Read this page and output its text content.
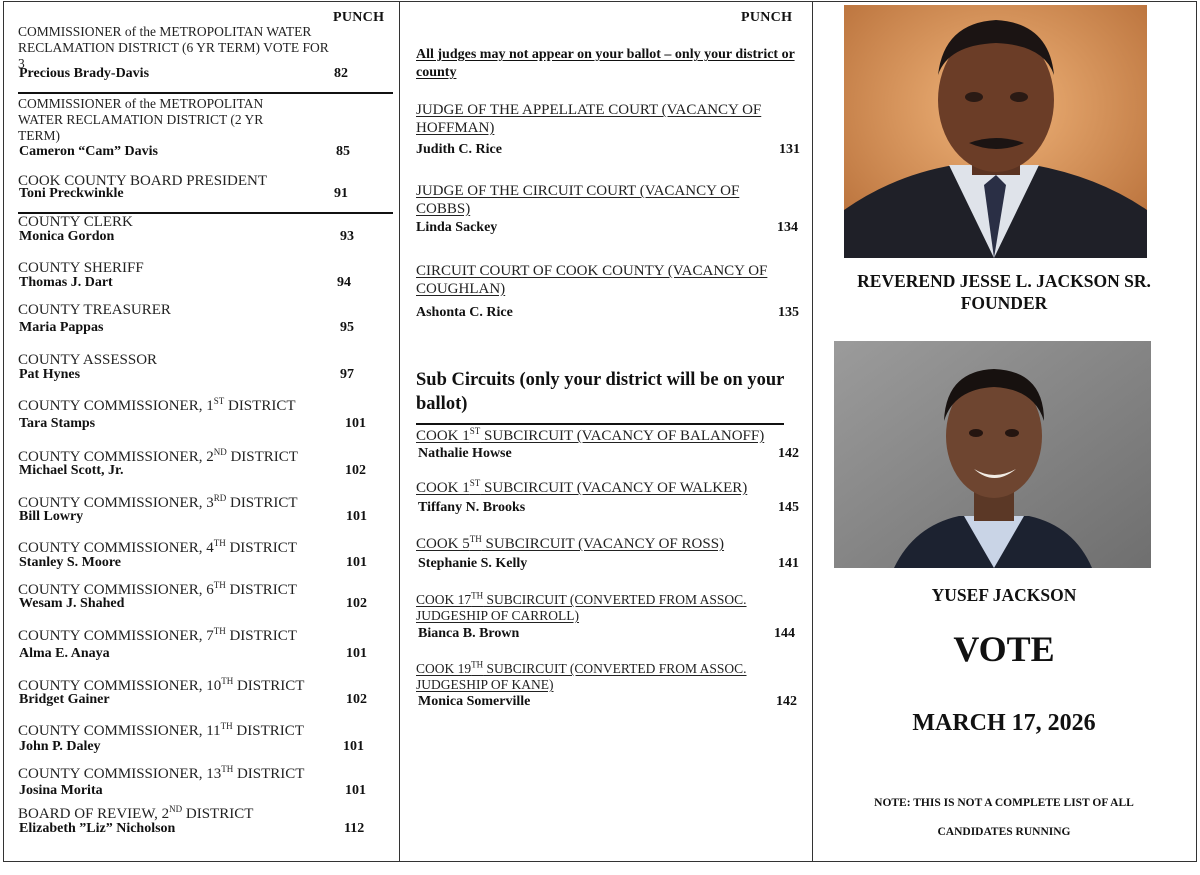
PUNCH
COMMISSIONER of the METROPOLITAN WATER RECLAMATION DISTRICT (6 YR TERM) VOTE FOR 3
Precious Brady-Davis	82
COMMISSIONER of the METROPOLITAN WATER RECLAMATION DISTRICT (2 YR TERM)
Cameron “Cam” Davis	85
COOK COUNTY BOARD PRESIDENT
Toni Preckwinkle	91
COUNTY CLERK
Monica Gordon	93
COUNTY SHERIFF
Thomas J. Dart	94
COUNTY TREASURER
Maria Pappas	95
COUNTY ASSESSOR
Pat Hynes	97
COUNTY COMMISSIONER, 1ST DISTRICT
Tara Stamps	101
COUNTY COMMISSIONER, 2ND DISTRICT
Michael Scott, Jr.	102
COUNTY COMMISSIONER, 3RD DISTRICT
Bill Lowry	101
COUNTY COMMISSIONER, 4TH DISTRICT
Stanley S. Moore	101
COUNTY COMMISSIONER, 6TH DISTRICT
Wesam J. Shahed	102
COUNTY COMMISSIONER, 7TH DISTRICT
Alma E. Anaya	101
COUNTY COMMISSIONER, 10TH DISTRICT
Bridget Gainer	102
COUNTY COMMISSIONER, 11TH DISTRICT
John P. Daley	101
COUNTY COMMISSIONER, 13TH DISTRICT
Josina Morita	101
BOARD OF REVIEW, 2ND DISTRICT
Elizabeth ”Liz” Nicholson	112
PUNCH
All judges may not appear on your ballot – only your district or county
Sub Circuits (only your district will be on your ballot)
JUDGE OF THE APPELLATE COURT (VACANCY OF HOFFMAN)
Judith C. Rice	131
JUDGE OF THE CIRCUIT COURT (VACANCY OF COBBS)
Linda Sackey	134
CIRCUIT COURT OF COOK COUNTY (VACANCY OF COUGHLAN)
Ashonta C. Rice	135
COOK 1ST SUBCIRCUIT (VACANCY OF BALANOFF)
Nathalie Howse	142
COOK 1ST SUBCIRCUIT (VACANCY OF WALKER)
Tiffany N. Brooks	145
COOK 5TH SUBCIRCUIT (VACANCY OF ROSS)
Stephanie S. Kelly	141
COOK 17TH SUBCIRCUIT (CONVERTED FROM ASSOC. JUDGESHIP OF CARROLL)
Bianca B. Brown	144
COOK 19TH SUBCIRCUIT (CONVERTED FROM ASSOC. JUDGESHIP OF KANE)
Monica Somerville	142
REVEREND JESSE L. JACKSON SR.
FOUNDER
YUSEF JACKSON
VOTE
MARCH 17, 2026
NOTE: THIS IS NOT A COMPLETE LIST OF ALL
CANDIDATES RUNNING
